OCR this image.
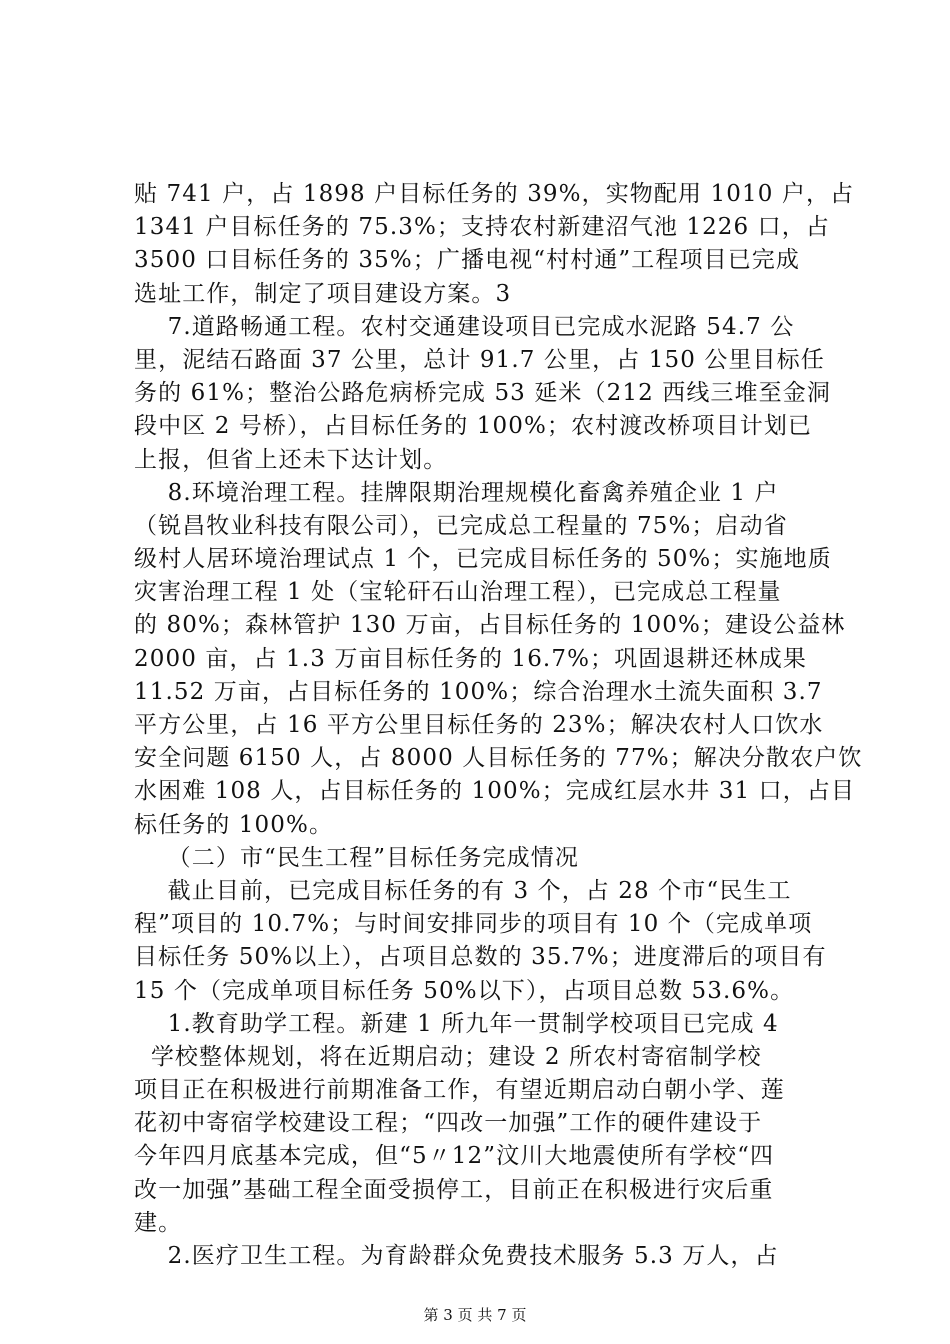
贴 741 户，占 1898 户目标任务的 39%，实物配用 1010 户，占
1341 户目标任务的 75.3%；支持农村新建沼气池 1226 口，占
3500 口目标任务的 35%；广播电视“村村通”工程项目已完成
选址工作，制定了项目建设方案。3
7.道路畅通工程。农村交通建设项目已完成水泥路 54.7 公
里，泥结石路面 37 公里，总计 91.7 公里，占 150 公里目标任
务的 61%；整治公路危病桥完成 53 延米（212 西线三堆至金洞
段中区 2 号桥），占目标任务的 100%；农村渡改桥项目计划已
上报，但省上还未下达计划。
8.环境治理工程。挂牌限期治理规模化畜禽养殖企业 1 户
（锐昌牧业科技有限公司），已完成总工程量的 75%；启动省
级村人居环境治理试点 1 个，已完成目标任务的 50%；实施地质
灾害治理工程 1 处（宝轮矸石山治理工程），已完成总工程量
的 80%；森林管护 130 万亩，占目标任务的 100%；建设公益林
2000 亩，占 1.3 万亩目标任务的 16.7%；巩固退耕还林成果
11.52 万亩，占目标任务的 100%；综合治理水土流失面积 3.7
平方公里，占 16 平方公里目标任务的 23%；解决农村人口饮水
安全问题 6150 人，占 8000 人目标任务的 77%；解决分散农户饮
水困难 108 人，占目标任务的 100%；完成红层水井 31 口，占目
标任务的 100%。
（二）市“民生工程”目标任务完成情况
截止目前，已完成目标任务的有 3 个，占 28 个市“民生工
程”项目的 10.7%；与时间安排同步的项目有 10 个（完成单项
目标任务 50%以上），占项目总数的 35.7%；进度滞后的项目有
15 个（完成单项目标任务 50%以下），占项目总数 53.6%。
1.教育助学工程。新建 1 所九年一贯制学校项目已完成 4
学校整体规划，将在近期启动；建设 2 所农村寄宿制学校
项目正在积极进行前期准备工作，有望近期启动白朝小学、莲
花初中寄宿学校建设工程；“四改一加强”工作的硬件建设于
今年四月底基本完成，但“5〃12”汶川大地震使所有学校“四
改一加强”基础工程全面受损停工，目前正在积极进行灾后重
建。
2.医疗卫生工程。为育龄群众免费技术服务 5.3 万人，占
第 3 页 共 7 页
